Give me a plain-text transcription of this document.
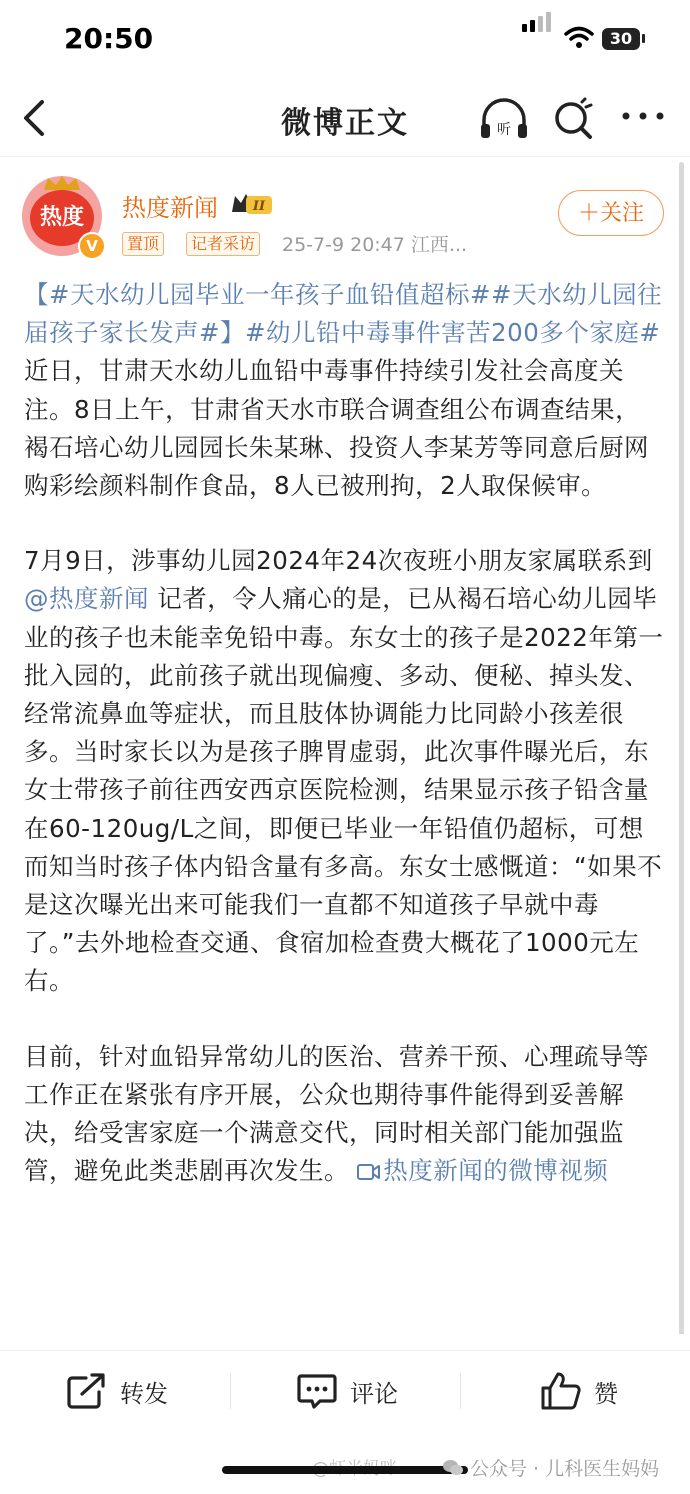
20:50	30
微博正文	听
热度
V
热度新闻	II
置顶	记者采访 25-7-9 20:47 江西...
＋关注

【#天水幼儿园毕业一年孩子血铅值超标##天水幼儿园往届孩子家长发声#】#幼儿铅中毒事件害苦200多个家庭# 近日，甘肃天水幼儿血铅中毒事件持续引发社会高度关注。8日上午，甘肃省天水市联合调查组公布调查结果，褐石培心幼儿园园长朱某琳、投资人李某芳等同意后厨网购彩绘颜料制作食品，8人已被刑拘，2人取保候审。

7月9日，涉事幼儿园2024年24次夜班小朋友家属联系到@热度新闻 记者，令人痛心的是，已从褐石培心幼儿园毕业的孩子也未能幸免铅中毒。东女士的孩子是2022年第一批入园的，此前孩子就出现偏瘦、多动、便秘、掉头发、经常流鼻血等症状，而且肢体协调能力比同龄小孩差很多。当时家长以为是孩子脾胃虚弱，此次事件曝光后，东女士带孩子前往西安西京医院检测，结果显示孩子铅含量在60-120ug/L之间，即便已毕业一年铅值仍超标，可想而知当时孩子体内铅含量有多高。东女士感慨道：“如果不是这次曝光出来可能我们一直都不知道孩子早就中毒了。”去外地检查交通、食宿加检查费大概花了1000元左右。

目前，针对血铅异常幼儿的医治、营养干预、心理疏导等工作正在紧张有序开展，公众也期待事件能得到妥善解决，给受害家庭一个满意交代，同时相关部门能加强监管，避免此类悲剧再次发生。 热度新闻的微博视频

转发	评论	赞
公众号 · 儿科医生妈妈
